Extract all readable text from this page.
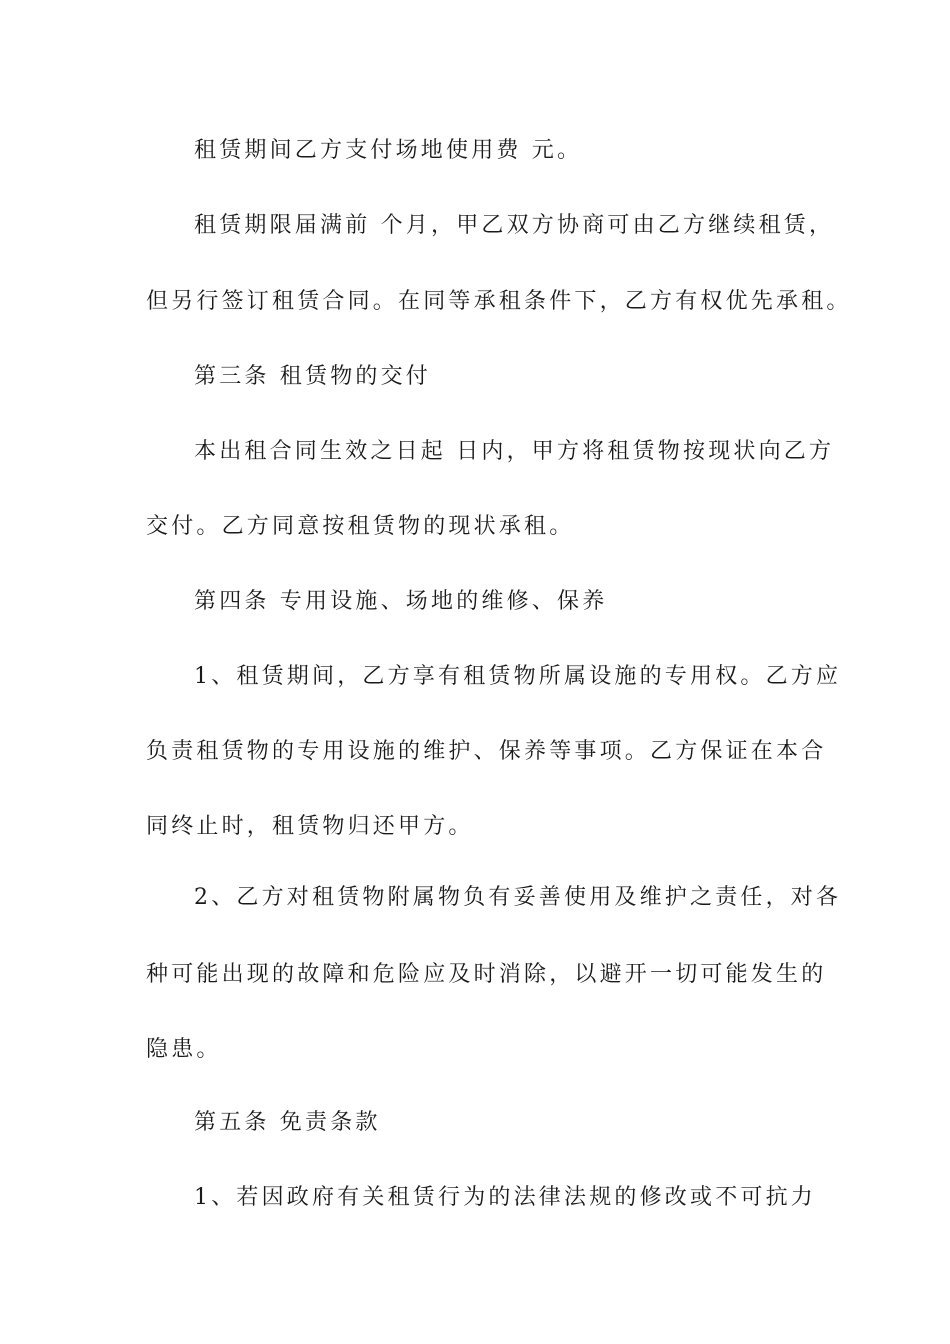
租赁期间乙方支付场地使用费 元。
租赁期限届满前 个月，甲乙双方协商可由乙方继续租赁，
但另行签订租赁合同。在同等承租条件下，乙方有权优先承租。
第三条 租赁物的交付
本出租合同生效之日起 日内，甲方将租赁物按现状向乙方
交付。乙方同意按租赁物的现状承租。
第四条 专用设施、场地的维修、保养
1、租赁期间，乙方享有租赁物所属设施的专用权。乙方应
负责租赁物的专用设施的维护、保养等事项。乙方保证在本合
同终止时，租赁物归还甲方。
2、乙方对租赁物附属物负有妥善使用及维护之责任，对各
种可能出现的故障和危险应及时消除，以避开一切可能发生的
隐患。
第五条 免责条款
1、若因政府有关租赁行为的法律法规的修改或不可抗力
